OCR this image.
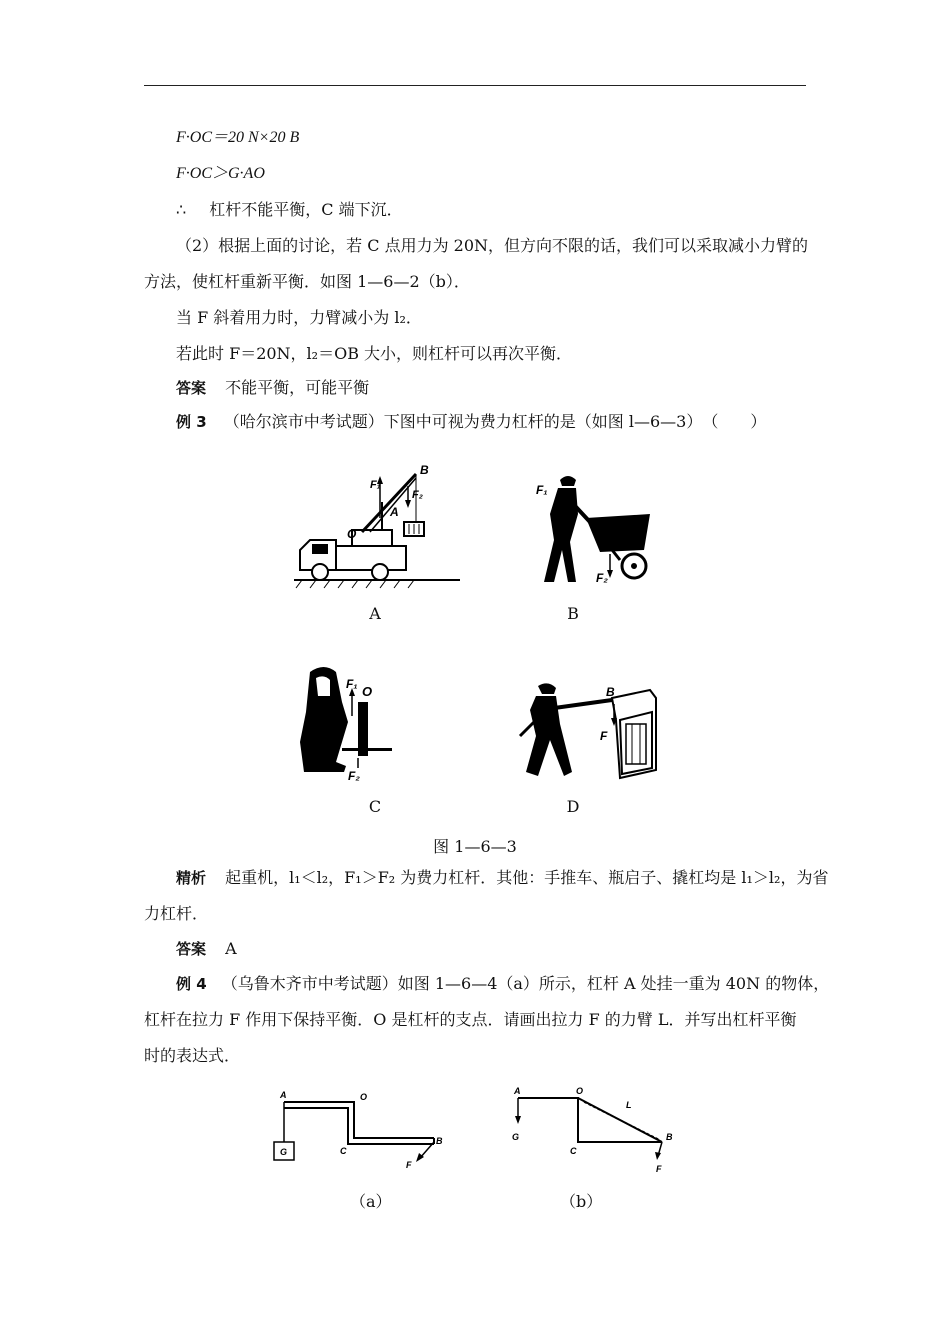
F·OC＝20 N×20 B
F·OC＞G·AO
∴ 杠杆不能平衡，C 端下沉．
（2）根据上面的讨论，若 C 点用力为 20N，但方向不限的话，我们可以采取减小力臂的
方法，使杠杆重新平衡．如图 1—6—2（b）．
当 F 斜着用力时，力臂减小为 l₂．
若此时 F＝20N，l₂＝OB 大小，则杠杆可以再次平衡．
答案 不能平衡，可能平衡
例 3 （哈尔滨市中考试题）下图中可视为费力杠杆的是（如图 l—6—3）　（　　）
F₁
B
F₂
A
O
A
F₁
F₂
B
F₁ O
F₂
C
B
F
D
图 1—6—3
精析 起重机，l₁＜l₂，F₁＞F₂ 为费力杠杆．其他：手推车、瓶启子、撬杠均是 l₁＞l₂，为省
力杠杆．
答案 A
例 4 （乌鲁木齐市中考试题）如图 1—6—4（a）所示，杠杆 A 处挂一重为 40N 的物体，
杠杆在拉力 F 作用下保持平衡．O 是杠杆的支点．请画出拉力 F 的力臂 L．并写出杠杆平衡
时的表达式．
A	O
G	C
B
F
（a）
A	O
L
G
C
B
F
（b）
